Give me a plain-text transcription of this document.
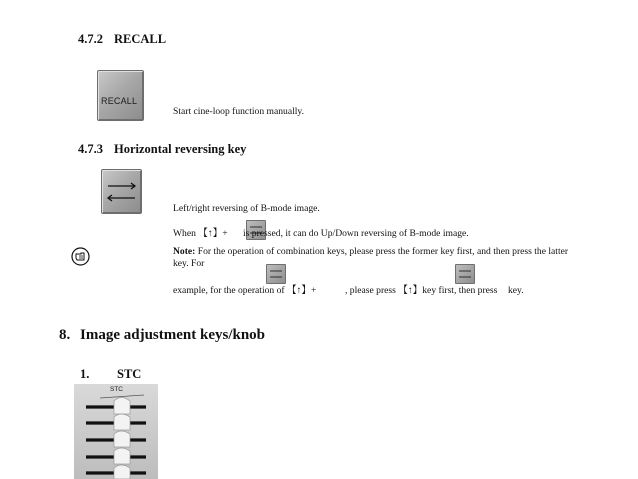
4.7.2 RECALL
RECALL
Start cine-loop function manually.
4.7.3 Horizontal reversing key
Left/right reversing of B-mode image.
When 【↑】+ is pressed, it can do Up/Down reversing of B-mode image.
Note: For the operation of combination keys, please press the former key first, and then press the latter key. For
example, for the operation of 【↑】+	, please press 【↑】key first, then press key.
8. Image adjustment keys/knob
1. STC
STC
